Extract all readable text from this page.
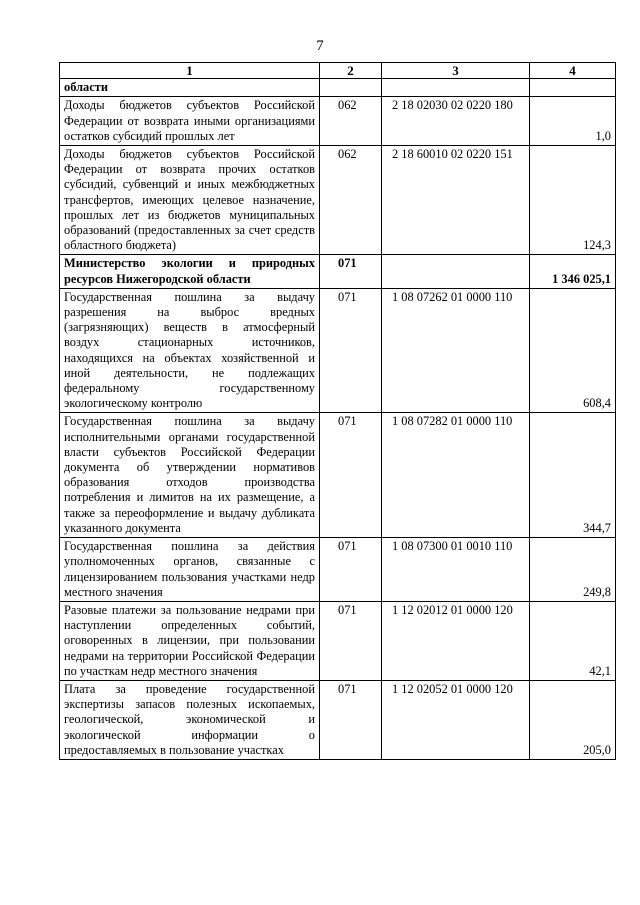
7
1	2	3	4
области			
Доходы бюджетов субъектов Российской Федерации от возврата иными организациями остатков субсидий прошлых лет	062	2 18 02030 02 0220 180	1,0
Доходы бюджетов субъектов Российской Федерации от возврата прочих остатков субсидий, субвенций и иных межбюджетных трансфертов, имеющих целевое назначение, прошлых лет из бюджетов муниципальных образований (предоставленных за счет средств областного бюджета)	062	2 18 60010 02 0220 151	124,3
Министерство экологии и природных ресурсов Нижегородской области	071		1 346 025,1
Государственная пошлина за выдачу разрешения на выброс вредных (загрязняющих) веществ в атмосферный воздух стационарных источников, находящихся на объектах хозяйственной и иной деятельности, не подлежащих федеральному государственному экологическому контролю	071	1 08 07262 01 0000 110	608,4
Государственная пошлина за выдачу исполнительными органами государственной власти субъектов Российской Федерации документа об утверждении нормативов образования отходов производства потребления и лимитов на их размещение, а также за переоформление и выдачу дубликата указанного документа	071	1 08 07282 01 0000 110	344,7
Государственная пошлина за действия уполномоченных органов, связанные с лицензированием пользования участками недр местного значения	071	1 08 07300 01 0010 110	249,8
Разовые платежи за пользование недрами при наступлении определенных событий, оговоренных в лицензии, при пользовании недрами на территории Российской Федерации по участкам недр местного значения	071	1 12 02012 01 0000 120	42,1
Плата за проведение государственной экспертизы запасов полезных ископаемых, геологической, экономической и экологической информации о предоставляемых в пользование участках	071	1 12 02052 01 0000 120	205,0
